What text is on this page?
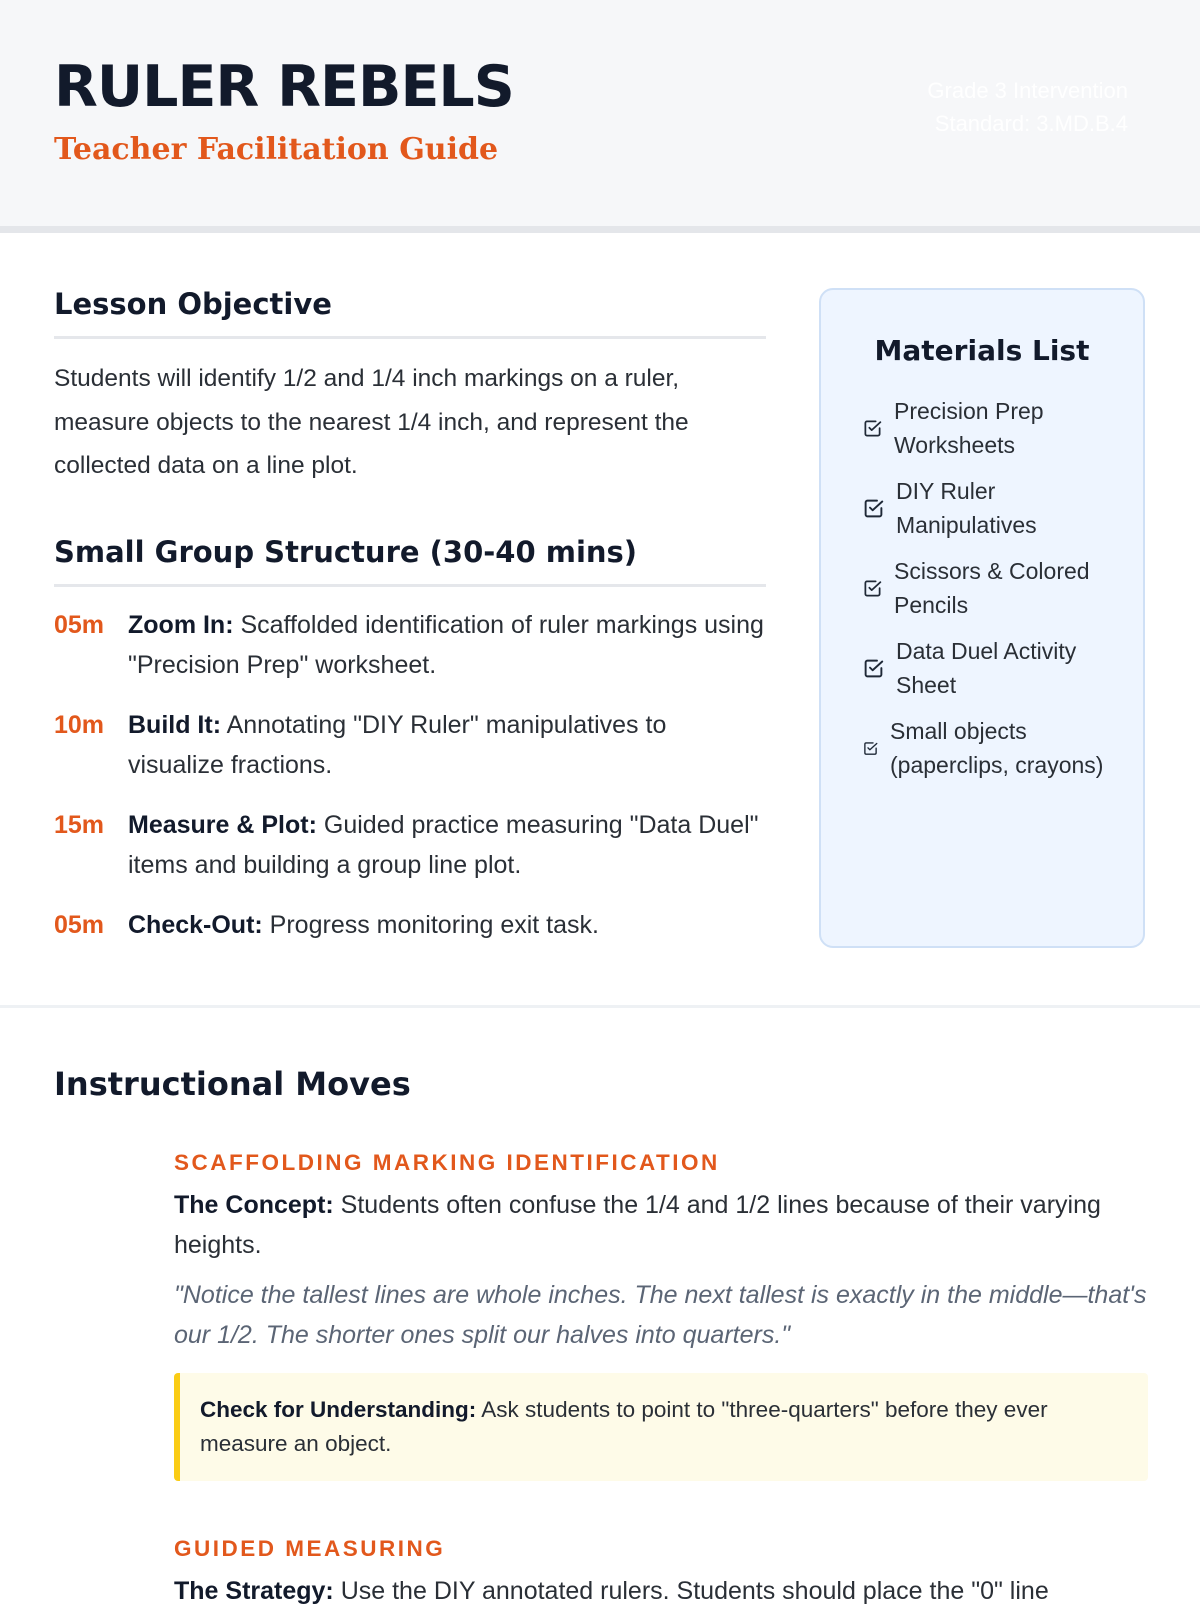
RULER REBELS
Teacher Facilitation Guide
Grade 3 Intervention
Standard: 3.MD.B.4
Lesson Objective

Students will identify 1/2 and 1/4 inch markings on a ruler, measure objects to the nearest 1/4 inch, and represent the collected data on a line plot.

Small Group Structure (30-40 mins)
05m Zoom In: Scaffolded identification of ruler markings using "Precision Prep" worksheet.
10m Build It: Annotating "DIY Ruler" manipulatives to visualize fractions.
15m Measure & Plot: Guided practice measuring "Data Duel" items and building a group line plot.
05m Check-Out: Progress monitoring exit task.
Materials List
Precision Prep Worksheets
DIY Ruler Manipulatives
Scissors & Colored Pencils
Data Duel Activity Sheet
Small objects (paperclips, crayons)
Instructional Moves
SCAFFOLDING MARKING IDENTIFICATION

The Concept: Students often confuse the 1/4 and 1/2 lines because of their varying heights.

"Notice the tallest lines are whole inches. The next tallest is exactly in the middle—that's our 1/2. The shorter ones split our halves into quarters."

Check for Understanding: Ask students to point to "three-quarters" before they ever measure an object.
GUIDED MEASURING

The Strategy: Use the DIY annotated rulers. Students should place the "0" line
